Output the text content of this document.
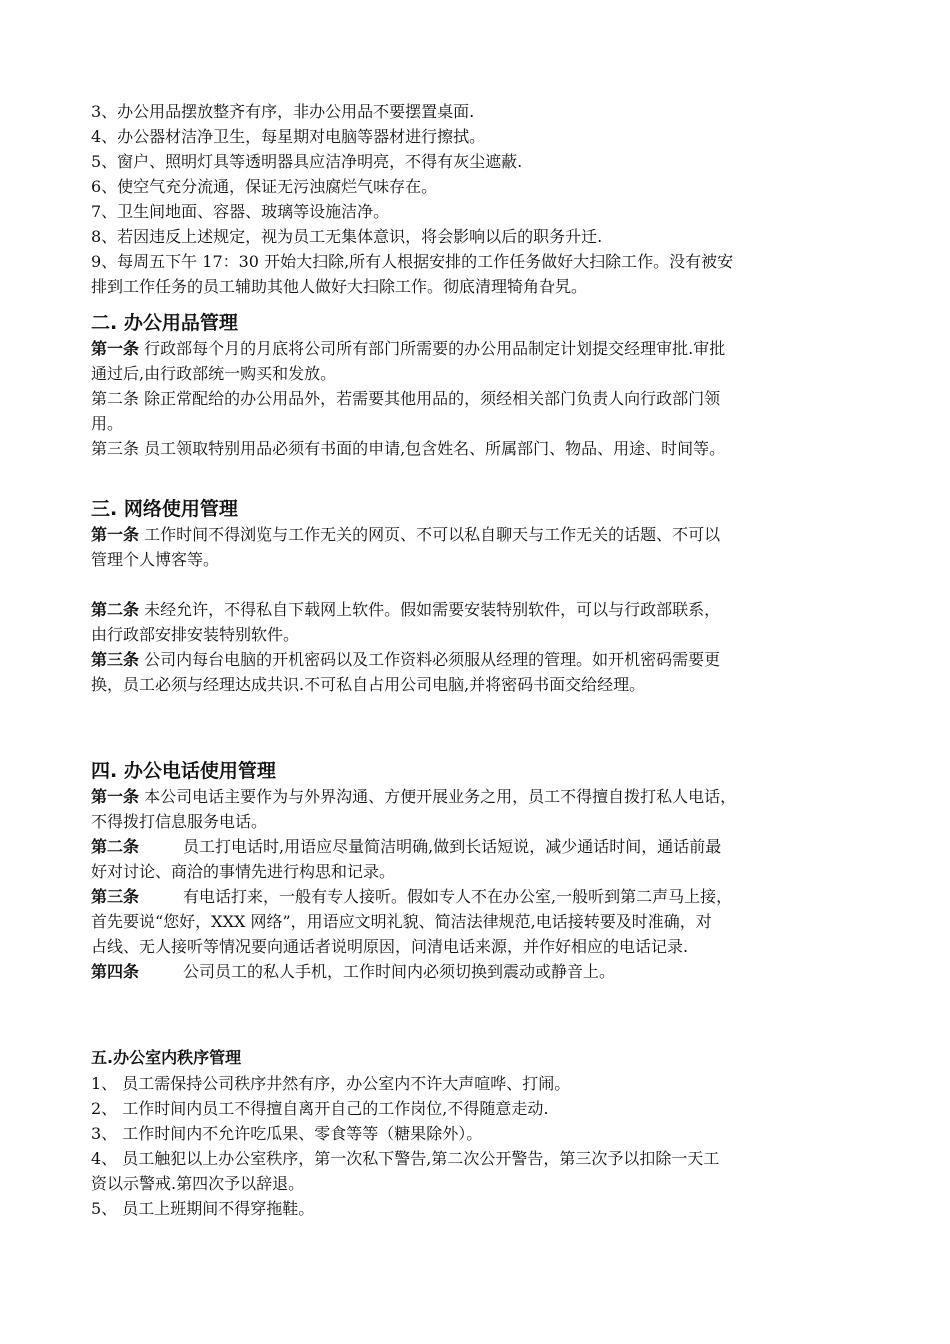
3、办公用品摆放整齐有序，非办公用品不要摆置桌面.
4、办公器材洁净卫生，每星期对电脑等器材进行擦拭。
5、窗户、照明灯具等透明器具应洁净明亮，不得有灰尘遮蔽.
6、使空气充分流通，保证无污浊腐烂气味存在。
7、卫生间地面、容器、玻璃等设施洁净。
8、若因违反上述规定，视为员工无集体意识，将会影响以后的职务升迁.
9、每周五下午 17：30 开始大扫除,所有人根据安排的工作任务做好大扫除工作。没有被安
排到工作任务的员工辅助其他人做好大扫除工作。彻底清理犄角旮旯。
二. 办公用品管理
第一条 行政部每个月的月底将公司所有部门所需要的办公用品制定计划提交经理审批.审批
通过后,由行政部统一购买和发放。
第二条 除正常配给的办公用品外，若需要其他用品的，须经相关部门负责人向行政部门领
用。
第三条 员工领取特别用品必须有书面的申请,包含姓名、所属部门、物品、用途、时间等。
三. 网络使用管理
第一条 工作时间不得浏览与工作无关的网页、不可以私自聊天与工作无关的话题、不可以
管理个人博客等。
第二条 未经允许，不得私自下载网上软件。假如需要安装特别软件，可以与行政部联系，
由行政部安排安装特别软件。
第三条 公司内每台电脑的开机密码以及工作资料必须服从经理的管理。如开机密码需要更
换，员工必须与经理达成共识.不可私自占用公司电脑,并将密码书面交给经理。
四. 办公电话使用管理
第一条 本公司电话主要作为与外界沟通、方便开展业务之用，员工不得擅自拨打私人电话，
不得拨打信息服务电话。
第二条	员工打电话时,用语应尽量简洁明确,做到长话短说，减少通话时间，通话前最
好对讨论、商洽的事情先进行构思和记录。
第三条	有电话打来，一般有专人接听。假如专人不在办公室,一般听到第二声马上接，
首先要说“您好，XXX 网络”，用语应文明礼貌、简洁法律规范,电话接转要及时准确，对
占线、无人接听等情况要向通话者说明原因，问清电话来源，并作好相应的电话记录.
第四条	公司员工的私人手机，工作时间内必须切换到震动或静音上。
五.办公室内秩序管理
1、 员工需保持公司秩序井然有序，办公室内不许大声喧哗、打闹。
2、 工作时间内员工不得擅自离开自己的工作岗位,不得随意走动.
3、 工作时间内不允许吃瓜果、零食等等（糖果除外）。
4、 员工触犯以上办公室秩序，第一次私下警告,第二次公开警告，第三次予以扣除一天工
资以示警戒.第四次予以辞退。
5、 员工上班期间不得穿拖鞋。
